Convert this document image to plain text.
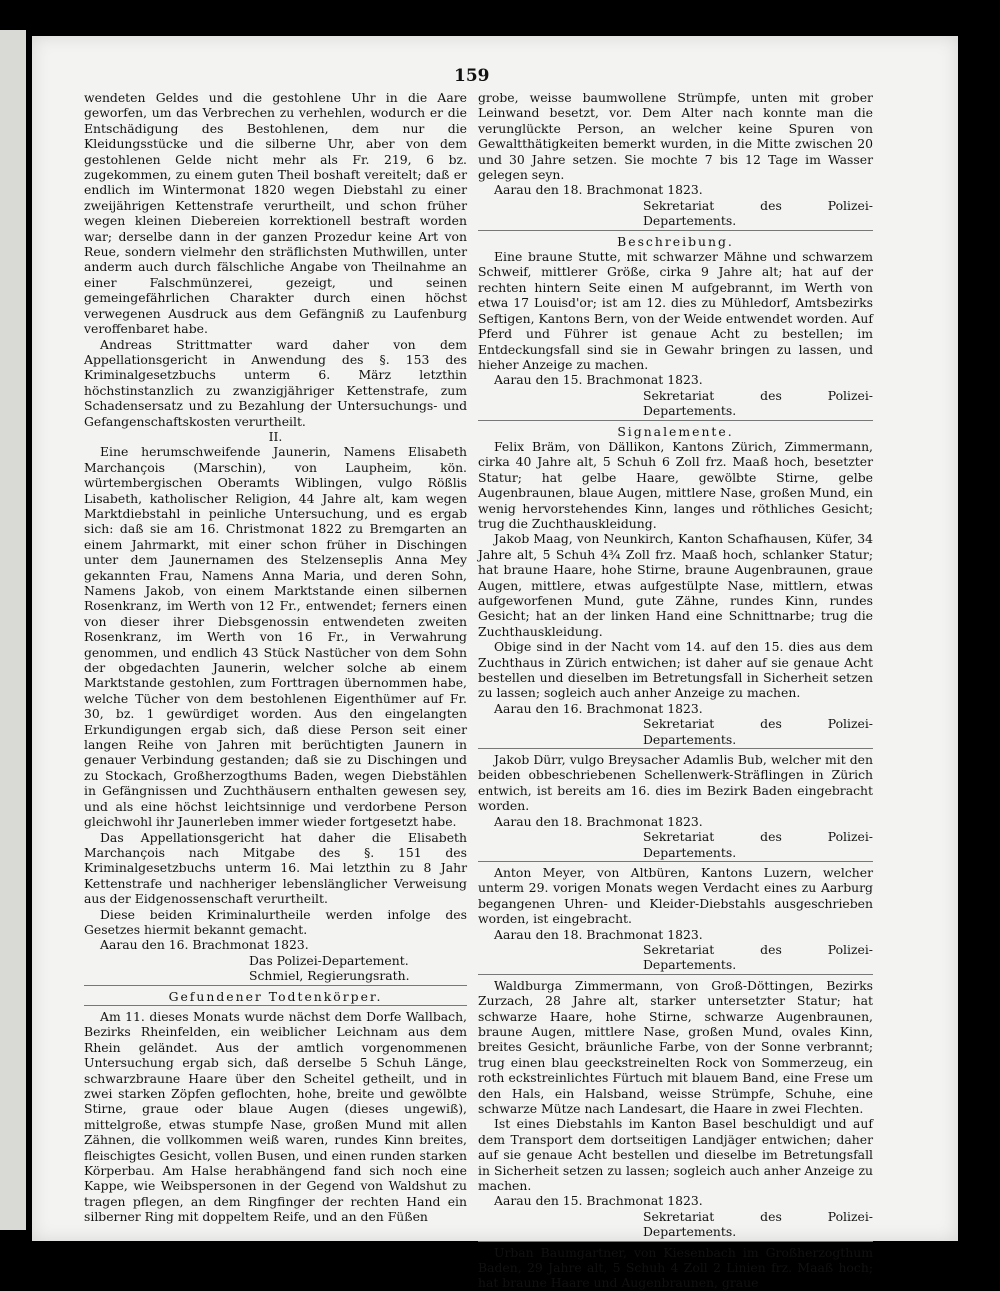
159

wendeten Geldes und die gestohlene Uhr in die Aare geworfen, um das Verbrechen zu verhehlen, wodurch er die Entschädigung des Bestohlenen, dem nur die Kleidungsstücke und die silberne Uhr, aber von dem gestohlenen Gelde nicht mehr als Fr. 219, 6 bz. zugekommen, zu einem guten Theil boshaft vereitelt; daß er endlich im Wintermonat 1820 wegen Diebstahl zu einer zweijährigen Kettenstrafe verurtheilt, und schon früher wegen kleinen Diebereien korrektionell bestraft worden war; derselbe dann in der ganzen Prozedur keine Art von Reue, sondern vielmehr den sträflichsten Muthwillen, unter anderm auch durch fälschliche Angabe von Theilnahme an einer Falschmünzerei, gezeigt, und seinen gemeingefährlichen Charakter durch einen höchst verwegenen Ausdruck aus dem Gefängniß zu Laufenburg veroffenbaret habe.

Andreas Strittmatter ward daher von dem Appellationsgericht in Anwendung des §. 153 des Kriminalgesetzbuchs unterm 6. März letzthin höchstinstanzlich zu zwanzigjähriger Kettenstrafe, zum Schadensersatz und zu Bezahlung der Untersuchungs- und Gefangenschaftskosten verurtheilt.

II.

Eine herumschweifende Jaunerin, Namens Elisabeth Marchançois (Marschin), von Laupheim, kön. würtembergischen Oberamts Wiblingen, vulgo Rößlis Lisabeth, katholischer Religion, 44 Jahre alt, kam wegen Marktdiebstahl in peinliche Untersuchung, und es ergab sich: daß sie am 16. Christmonat 1822 zu Bremgarten an einem Jahrmarkt, mit einer schon früher in Dischingen unter dem Jaunernamen des Stelzenseplis Anna Mey gekannten Frau, Namens Anna Maria, und deren Sohn, Namens Jakob, von einem Marktstande einen silbernen Rosenkranz, im Werth von 12 Fr., entwendet; ferners einen von dieser ihrer Diebsgenossin entwendeten zweiten Rosenkranz, im Werth von 16 Fr., in Verwahrung genommen, und endlich 43 Stück Nastücher von dem Sohn der obgedachten Jaunerin, welcher solche ab einem Marktstande gestohlen, zum Forttragen übernommen habe, welche Tücher von dem bestohlenen Eigenthümer auf Fr. 30, bz. 1 gewürdiget worden. Aus den eingelangten Erkundigungen ergab sich, daß diese Person seit einer langen Reihe von Jahren mit berüchtigten Jaunern in genauer Verbindung gestanden; daß sie zu Dischingen und zu Stockach, Großherzogthums Baden, wegen Diebstählen in Gefängnissen und Zuchthäusern enthalten gewesen sey, und als eine höchst leichtsinnige und verdorbene Person gleichwohl ihr Jaunerleben immer wieder fortgesetzt habe.

Das Appellationsgericht hat daher die Elisabeth Marchançois nach Mitgabe des §. 151 des Kriminalgesetzbuchs unterm 16. Mai letzthin zu 8 Jahr Kettenstrafe und nachheriger lebenslänglicher Verweisung aus der Eidgenossenschaft verurtheilt.

Diese beiden Kriminalurtheile werden infolge des Gesetzes hiermit bekannt gemacht.

Aarau den 16. Brachmonat 1823.

Das Polizei-Departement.

Schmiel, Regierungsrath.

Gefundener Todtenkörper.

Am 11. dieses Monats wurde nächst dem Dorfe Wallbach, Bezirks Rheinfelden, ein weiblicher Leichnam aus dem Rhein geländet. Aus der amtlich vorgenommenen Untersuchung ergab sich, daß derselbe 5 Schuh Länge, schwarzbraune Haare über den Scheitel getheilt, und in zwei starken Zöpfen geflochten, hohe, breite und gewölbte Stirne, graue oder blaue Augen (dieses ungewiß), mittelgroße, etwas stumpfe Nase, großen Mund mit allen Zähnen, die vollkommen weiß waren, rundes Kinn breites, fleischigtes Gesicht, vollen Busen, und einen runden starken Körperbau. Am Halse herabhängend fand sich noch eine Kappe, wie Weibspersonen in der Gegend von Waldshut zu tragen pflegen, an dem Ringfinger der rechten Hand ein silberner Ring mit doppeltem Reife, und an den Füßen

grobe, weisse baumwollene Strümpfe, unten mit grober Leinwand besetzt, vor. Dem Alter nach konnte man die verunglückte Person, an welcher keine Spuren von Gewaltthätigkeiten bemerkt wurden, in die Mitte zwischen 20 und 30 Jahre setzen. Sie mochte 7 bis 12 Tage im Wasser gelegen seyn.

Aarau den 18. Brachmonat 1823.

Sekretariat des Polizei-Departements.

Beschreibung.

Eine braune Stutte, mit schwarzer Mähne und schwarzem Schweif, mittlerer Größe, cirka 9 Jahre alt; hat auf der rechten hintern Seite einen M aufgebrannt, im Werth von etwa 17 Louisd'or; ist am 12. dies zu Mühledorf, Amtsbezirks Seftigen, Kantons Bern, von der Weide entwendet worden. Auf Pferd und Führer ist genaue Acht zu bestellen; im Entdeckungsfall sind sie in Gewahr bringen zu lassen, und hieher Anzeige zu machen.

Aarau den 15. Brachmonat 1823.

Sekretariat des Polizei-Departements.

Signalemente.

Felix Bräm, von Dällikon, Kantons Zürich, Zimmermann, cirka 40 Jahre alt, 5 Schuh 6 Zoll frz. Maaß hoch, besetzter Statur; hat gelbe Haare, gewölbte Stirne, gelbe Augenbraunen, blaue Augen, mittlere Nase, großen Mund, ein wenig hervorstehendes Kinn, langes und röthliches Gesicht; trug die Zuchthauskleidung.

Jakob Maag, von Neunkirch, Kanton Schafhausen, Küfer, 34 Jahre alt, 5 Schuh 4¾ Zoll frz. Maaß hoch, schlanker Statur; hat braune Haare, hohe Stirne, braune Augenbraunen, graue Augen, mittlere, etwas aufgestülpte Nase, mittlern, etwas aufgeworfenen Mund, gute Zähne, rundes Kinn, rundes Gesicht; hat an der linken Hand eine Schnittnarbe; trug die Zuchthauskleidung.

Obige sind in der Nacht vom 14. auf den 15. dies aus dem Zuchthaus in Zürich entwichen; ist daher auf sie genaue Acht bestellen und dieselben im Betretungsfall in Sicherheit setzen zu lassen; sogleich auch anher Anzeige zu machen.

Aarau den 16. Brachmonat 1823.

Sekretariat des Polizei-Departements.

Jakob Dürr, vulgo Breysacher Adamlis Bub, welcher mit den beiden obbeschriebenen Schellenwerk-Sträflingen in Zürich entwich, ist bereits am 16. dies im Bezirk Baden eingebracht worden.

Aarau den 18. Brachmonat 1823.

Sekretariat des Polizei-Departements.

Anton Meyer, von Altbüren, Kantons Luzern, welcher unterm 29. vorigen Monats wegen Verdacht eines zu Aarburg begangenen Uhren- und Kleider-Diebstahls ausgeschrieben worden, ist eingebracht.

Aarau den 18. Brachmonat 1823.

Sekretariat des Polizei-Departements.

Waldburga Zimmermann, von Groß-Döttingen, Bezirks Zurzach, 28 Jahre alt, starker untersetzter Statur; hat schwarze Haare, hohe Stirne, schwarze Augenbraunen, braune Augen, mittlere Nase, großen Mund, ovales Kinn, breites Gesicht, bräunliche Farbe, von der Sonne verbrannt; trug einen blau geeckstreinelten Rock von Sommerzeug, ein roth eckstreinlichtes Fürtuch mit blauem Band, eine Frese um den Hals, ein Halsband, weisse Strümpfe, Schuhe, eine schwarze Mütze nach Landesart, die Haare in zwei Flechten.

Ist eines Diebstahls im Kanton Basel beschuldigt und auf dem Transport dem dortseitigen Landjäger entwichen; daher auf sie genaue Acht bestellen und dieselbe im Betretungsfall in Sicherheit setzen zu lassen; sogleich auch anher Anzeige zu machen.

Aarau den 15. Brachmonat 1823.

Sekretariat des Polizei-Departements.

Urban Baumgartner, von Kiesenbach im Großherzogthum Baden, 29 Jahre alt, 5 Schuh 4 Zoll 2 Linien frz. Maaß hoch; hat braune Haare und Augenbraunen, graue
